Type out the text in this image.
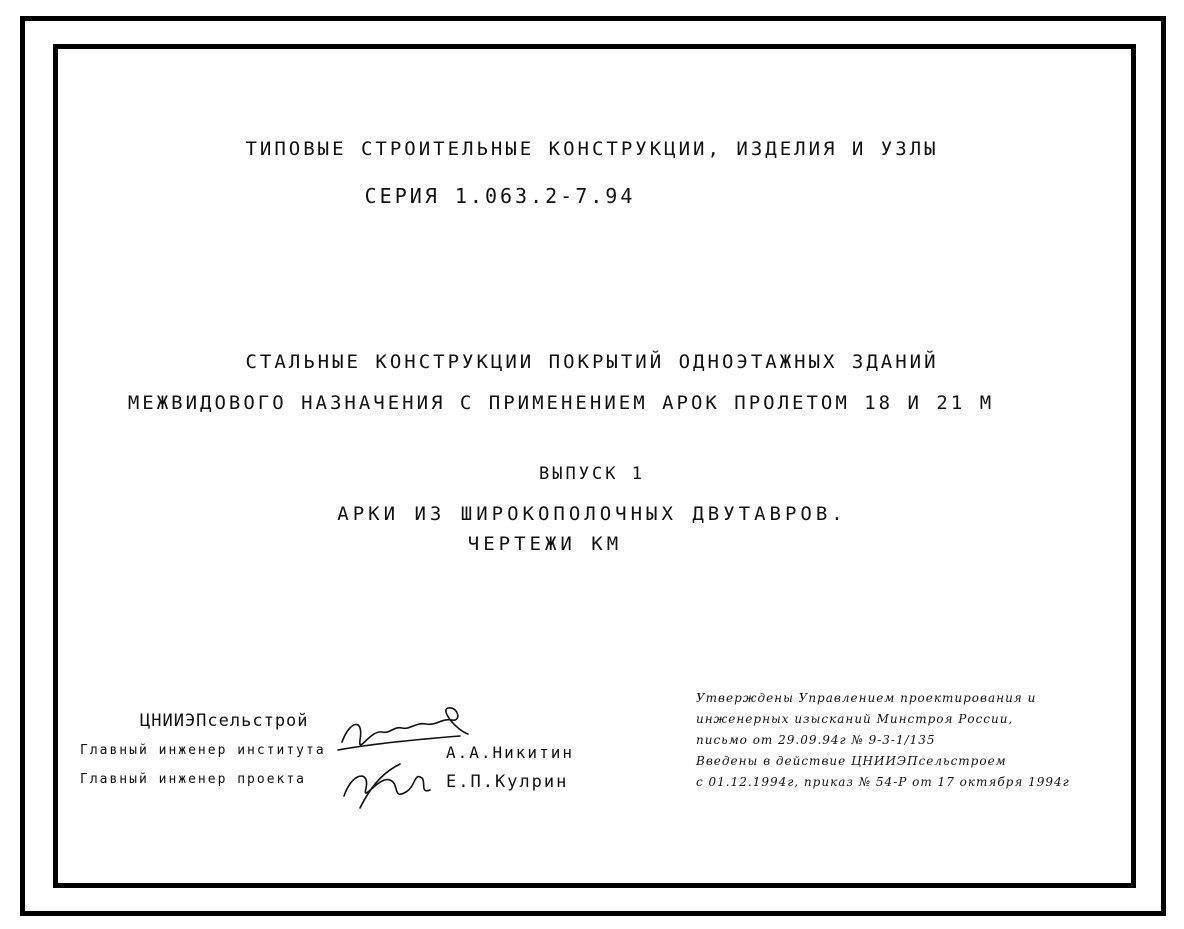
ТИПОВЫЕ СТРОИТЕЛЬНЫЕ КОНСТРУКЦИИ, ИЗДЕЛИЯ И УЗЛЫ
СЕРИЯ 1.063.2-7.94
СТАЛЬНЫЕ КОНСТРУКЦИИ ПОКРЫТИЙ ОДНОЭТАЖНЫХ ЗДАНИЙ
МЕЖВИДОВОГО НАЗНАЧЕНИЯ С ПРИМЕНЕНИЕМ АРОК ПРОЛЕТОМ 18 И 21 М
ВЫПУСК 1
АРКИ ИЗ ШИРОКОПОЛОЧНЫХ ДВУТАВРОВ.
ЧЕРТЕЖИ КМ
ЦНИИЭПсельстрой
Главный инженер института
Главный инженер проекта
А.А.Никитин
Е.П.Кулрин
Утверждены Управлением проектирования и
инженерных изысканий Минстроя России,
письмо от 29.09.94г № 9-3-1/135
Введены в действие ЦНИИЭПсельстроем
с 01.12.1994г, приказ № 54-Р от 17 октября 1994г
